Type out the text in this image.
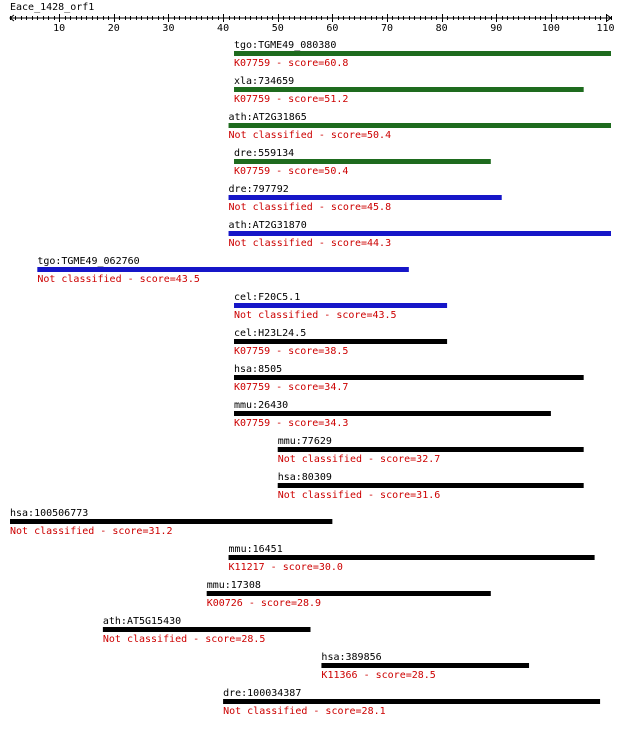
Eace_1428_orf1
10	20	30	40	50	60	70	80	90	100	110
tgo:TGME49_080380
K07759 - score=60.8
xla:734659
K07759 - score=51.2
ath:AT2G31865
Not classified - score=50.4
dre:559134
K07759 - score=50.4
dre:797792
Not classified - score=45.8
ath:AT2G31870
Not classified - score=44.3
tgo:TGME49_062760
Not classified - score=43.5
cel:F20C5.1
Not classified - score=43.5
cel:H23L24.5
K07759 - score=38.5
hsa:8505
K07759 - score=34.7
mmu:26430
K07759 - score=34.3
mmu:77629
Not classified - score=32.7
hsa:80309
Not classified - score=31.6
hsa:100506773
Not classified - score=31.2
mmu:16451
K11217 - score=30.0
mmu:17308
K00726 - score=28.9
ath:AT5G15430
Not classified - score=28.5
hsa:389856
K11366 - score=28.5
dre:100034387
Not classified - score=28.1
